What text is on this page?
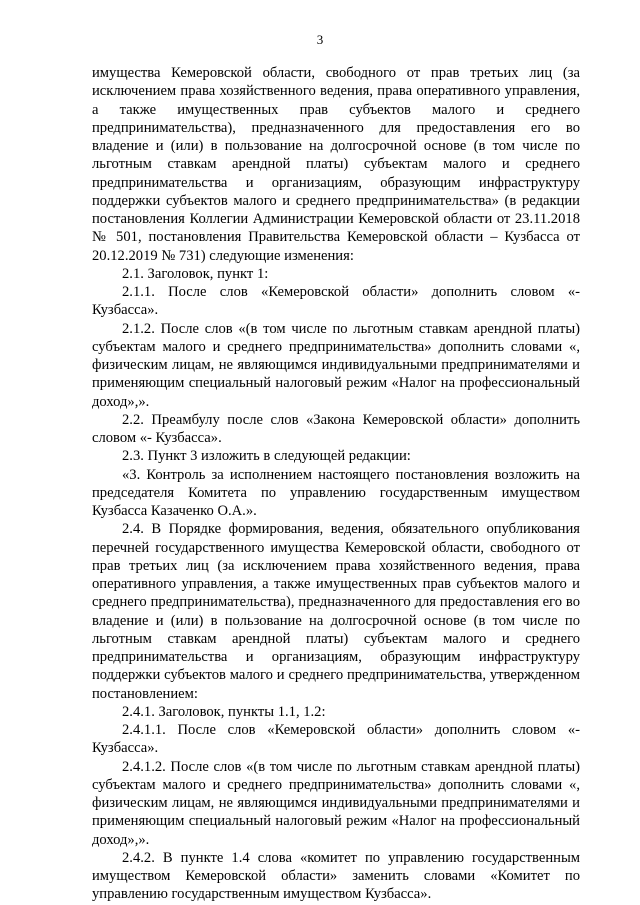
3

имущества Кемеровской области, свободного от прав третьих лиц (за исключением права хозяйственного ведения, права оперативного управления, а также имущественных прав субъектов малого и среднего предпринимательства), предназначенного для предоставления его во владение и (или) в пользование на долгосрочной основе (в том числе по льготным ставкам арендной платы) субъектам малого и среднего предпринимательства и организациям, образующим инфраструктуру поддержки субъектов малого и среднего предпринимательства» (в редакции постановления Коллегии Администрации Кемеровской области от 23.11.2018 № 501, постановления Правительства Кемеровской области – Кузбасса от 20.12.2019 № 731) следующие изменения:

2.1. Заголовок, пункт 1:

2.1.1. После слов «Кемеровской области» дополнить словом «- Кузбасса».

2.1.2. После слов «(в том числе по льготным ставкам арендной платы) субъектам малого и среднего предпринимательства» дополнить словами «, физическим лицам, не являющимся индивидуальными предпринимателями и применяющим специальный налоговый режим «Налог на профессиональный доход»,».

2.2. Преамбулу после слов «Закона Кемеровской области» дополнить словом «- Кузбасса».

2.3. Пункт 3 изложить в следующей редакции:

«3. Контроль за исполнением настоящего постановления возложить на председателя Комитета по управлению государственным имуществом Кузбасса Казаченко О.А.».

2.4. В Порядке формирования, ведения, обязательного опубликования перечней государственного имущества Кемеровской области, свободного от прав третьих лиц (за исключением права хозяйственного ведения, права оперативного управления, а также имущественных прав субъектов малого и среднего предпринимательства), предназначенного для предоставления его во владение и (или) в пользование на долгосрочной основе (в том числе по льготным ставкам арендной платы) субъектам малого и среднего предпринимательства и организациям, образующим инфраструктуру поддержки субъектов малого и среднего предпринимательства, утвержденном постановлением:

2.4.1. Заголовок, пункты 1.1, 1.2:

2.4.1.1. После слов «Кемеровской области» дополнить словом «- Кузбасса».

2.4.1.2. После слов «(в том числе по льготным ставкам арендной платы) субъектам малого и среднего предпринимательства» дополнить словами «, физическим лицам, не являющимся индивидуальными предпринимателями и применяющим специальный налоговый режим «Налог на профессиональный доход»,».

2.4.2. В пункте 1.4 слова «комитет по управлению государственным имуществом Кемеровской области» заменить словами «Комитет по управлению государственным имуществом Кузбасса».
